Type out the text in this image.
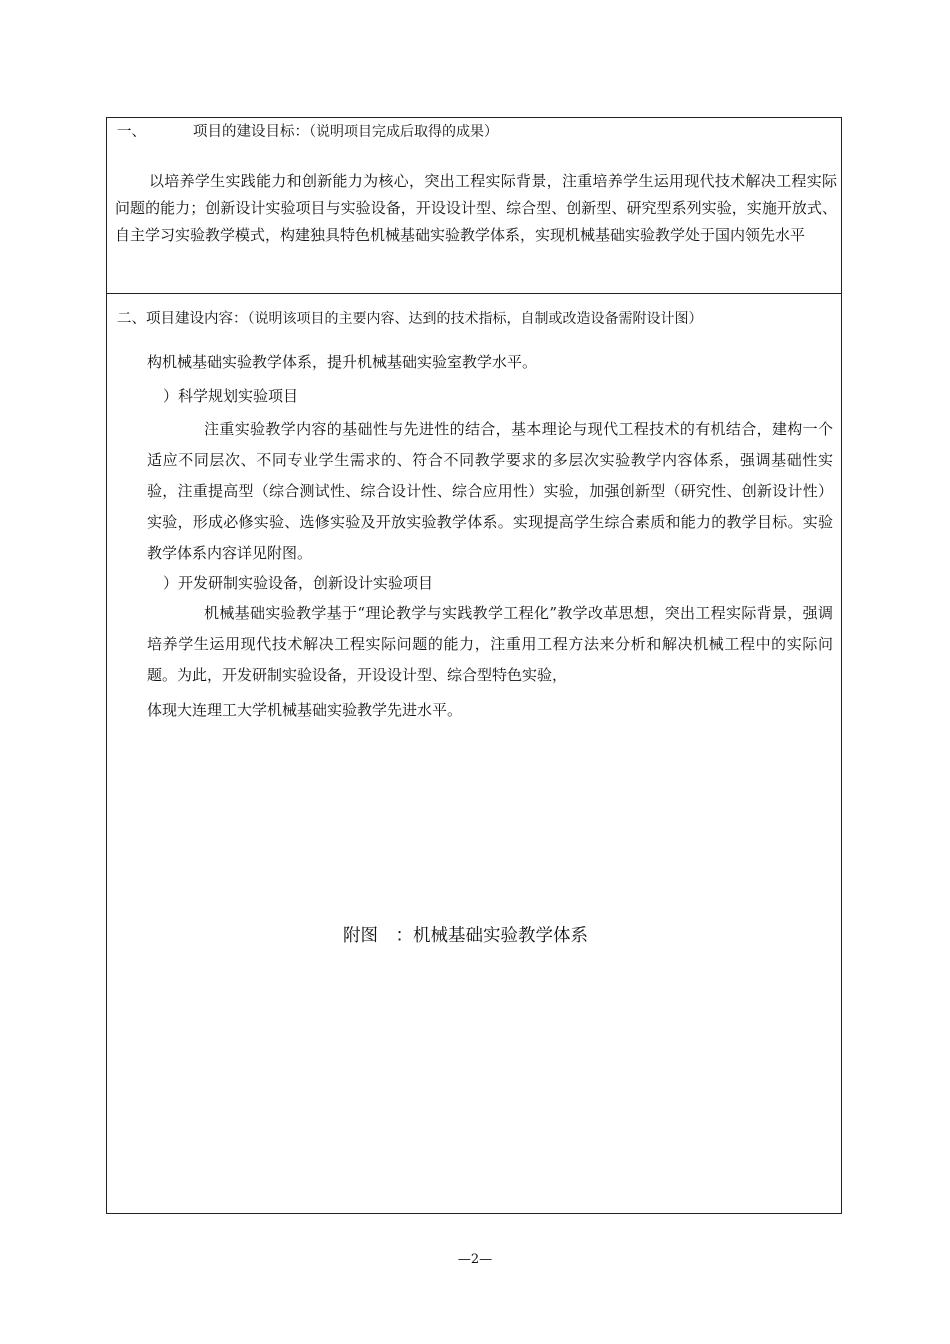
一、	项目的建设目标：（说明项目完成后取得的成果）
以培养学生实践能力和创新能力为核心，突出工程实际背景，注重培养学生运用现代技术解决工程实际问题的能力；创新设计实验项目与实验设备，开设设计型、综合型、创新型、研究型系列实验，实施开放式、自主学习实验教学模式，构建独具特色机械基础实验教学体系，实现机械基础实验教学处于国内领先水平
二、项目建设内容：（说明该项目的主要内容、达到的技术指标，自制或改造设备需附设计图）
构机械基础实验教学体系，提升机械基础实验室教学水平。
）科学规划实验项目
注重实验教学内容的基础性与先进性的结合，基本理论与现代工程技术的有机结合，建构一个适应不同层次、不同专业学生需求的、符合不同教学要求的多层次实验教学内容体系，强调基础性实验，注重提高型（综合测试性、综合设计性、综合应用性）实验，加强创新型（研究性、创新设计性）实验，形成必修实验、选修实验及开放实验教学体系。实现提高学生综合素质和能力的教学目标。实验教学体系内容详见附图。
）开发研制实验设备，创新设计实验项目
机械基础实验教学基于“理论教学与实践教学工程化”教学改革思想，突出工程实际背景，强调培养学生运用现代技术解决工程实际问题的能力，注重用工程方法来分析和解决机械工程中的实际问题。为此，开发研制实验设备，开设设计型、综合型特色实验，
体现大连理工大学机械基础实验教学先进水平。
附图　：机械基础实验教学体系
—2—
